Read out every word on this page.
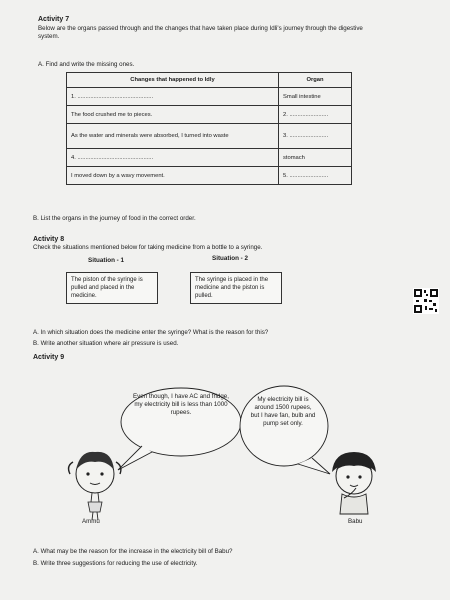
Activity 7
Below are the organs passed through and the changes that have taken place during Idli's journey through the digestive system.
A. Find and write the missing ones.
Changes that happened to Idly	Organ
1. ...............................................	Small intestine
The food crushed me to pieces.	2. ........................
As the water and minerals were absorbed, I turned into waste	3. ........................
4. ...............................................	stomach
I moved down by a wavy movement.	5. ........................
B. List the organs in the journey of food in the correct order.
Activity 8
Check the situations mentioned below for taking medicine from a bottle to a syringe.
Situation - 1
The piston of the syringe is pulled and placed in the medicine.
Situation - 2
The syringe is placed in the medicine and the piston is pulled.
A. In which situation does the medicine enter the syringe? What is the reason for this?
B. Write another situation where air pressure is used.
Activity 9
Even though, I have AC and fridge, my electricity bill is less than 1000 rupees.
My electricity bill is around 1500 rupees, but I have fan, bulb and pump set only.
Ammu	Babu
A. What may be the reason for the increase in the electricity bill of Babu?
B. Write three suggestions for reducing the use of electricity.
